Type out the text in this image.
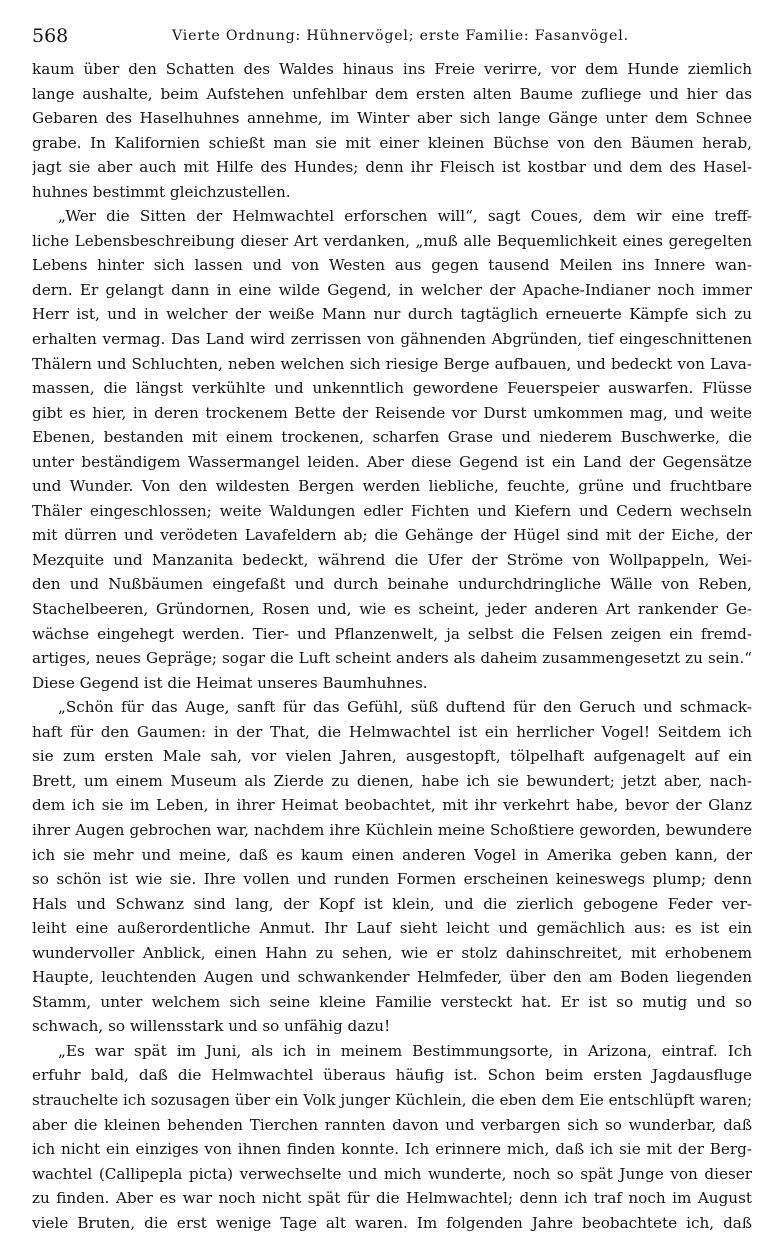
568	Vierte Ordnung: Hühnervögel; erste Familie: Fasanvögel.
kaum über den Schatten des Waldes hinaus ins Freie verirre, vor dem Hunde ziemlich
lange aushalte, beim Aufstehen unfehlbar dem ersten alten Baume zufliege und hier das
Gebaren des Haselhuhnes annehme, im Winter aber sich lange Gänge unter dem Schnee
grabe. In Kalifornien schießt man sie mit einer kleinen Büchse von den Bäumen herab,
jagt sie aber auch mit Hilfe des Hundes; denn ihr Fleisch ist kostbar und dem des Hasel-
huhnes bestimmt gleichzustellen.
„Wer die Sitten der Helmwachtel erforschen will“, sagt Coues, dem wir eine treff-
liche Lebensbeschreibung dieser Art verdanken, „muß alle Bequemlichkeit eines geregelten
Lebens hinter sich lassen und von Westen aus gegen tausend Meilen ins Innere wan-
dern. Er gelangt dann in eine wilde Gegend, in welcher der Apache-Indianer noch immer
Herr ist, und in welcher der weiße Mann nur durch tagtäglich erneuerte Kämpfe sich zu
erhalten vermag. Das Land wird zerrissen von gähnenden Abgründen, tief eingeschnittenen
Thälern und Schluchten, neben welchen sich riesige Berge aufbauen, und bedeckt von Lava-
massen, die längst verkühlte und unkenntlich gewordene Feuerspeier auswarfen. Flüsse
gibt es hier, in deren trockenem Bette der Reisende vor Durst umkommen mag, und weite
Ebenen, bestanden mit einem trockenen, scharfen Grase und niederem Buschwerke, die
unter beständigem Wassermangel leiden. Aber diese Gegend ist ein Land der Gegensätze
und Wunder. Von den wildesten Bergen werden liebliche, feuchte, grüne und fruchtbare
Thäler eingeschlossen; weite Waldungen edler Fichten und Kiefern und Cedern wechseln
mit dürren und verödeten Lavafeldern ab; die Gehänge der Hügel sind mit der Eiche, der
Mezquite und Manzanita bedeckt, während die Ufer der Ströme von Wollpappeln, Wei-
den und Nußbäumen eingefaßt und durch beinahe undurchdringliche Wälle von Reben,
Stachelbeeren, Gründornen, Rosen und, wie es scheint, jeder anderen Art rankender Ge-
wächse eingehegt werden. Tier- und Pflanzenwelt, ja selbst die Felsen zeigen ein fremd-
artiges, neues Gepräge; sogar die Luft scheint anders als daheim zusammengesetzt zu sein.“
Diese Gegend ist die Heimat unseres Baumhuhnes.
„Schön für das Auge, sanft für das Gefühl, süß duftend für den Geruch und schmack-
haft für den Gaumen: in der That, die Helmwachtel ist ein herrlicher Vogel! Seitdem ich
sie zum ersten Male sah, vor vielen Jahren, ausgestopft, tölpelhaft aufgenagelt auf ein
Brett, um einem Museum als Zierde zu dienen, habe ich sie bewundert; jetzt aber, nach-
dem ich sie im Leben, in ihrer Heimat beobachtet, mit ihr verkehrt habe, bevor der Glanz
ihrer Augen gebrochen war, nachdem ihre Küchlein meine Schoßtiere geworden, bewundere
ich sie mehr und meine, daß es kaum einen anderen Vogel in Amerika geben kann, der
so schön ist wie sie. Ihre vollen und runden Formen erscheinen keineswegs plump; denn
Hals und Schwanz sind lang, der Kopf ist klein, und die zierlich gebogene Feder ver-
leiht eine außerordentliche Anmut. Ihr Lauf sieht leicht und gemächlich aus: es ist ein
wundervoller Anblick, einen Hahn zu sehen, wie er stolz dahinschreitet, mit erhobenem
Haupte, leuchtenden Augen und schwankender Helmfeder, über den am Boden liegenden
Stamm, unter welchem sich seine kleine Familie versteckt hat. Er ist so mutig und so
schwach, so willensstark und so unfähig dazu!
„Es war spät im Juni, als ich in meinem Bestimmungsorte, in Arizona, eintraf. Ich
erfuhr bald, daß die Helmwachtel überaus häufig ist. Schon beim ersten Jagdausfluge
strauchelte ich sozusagen über ein Volk junger Küchlein, die eben dem Eie entschlüpft waren;
aber die kleinen behenden Tierchen rannten davon und verbargen sich so wunderbar, daß
ich nicht ein einziges von ihnen finden konnte. Ich erinnere mich, daß ich sie mit der Berg-
wachtel (Callipepla picta) verwechselte und mich wunderte, noch so spät Junge von dieser
zu finden. Aber es war noch nicht spät für die Helmwachtel; denn ich traf noch im August
viele Bruten, die erst wenige Tage alt waren. Im folgenden Jahre beobachtete ich, daß
